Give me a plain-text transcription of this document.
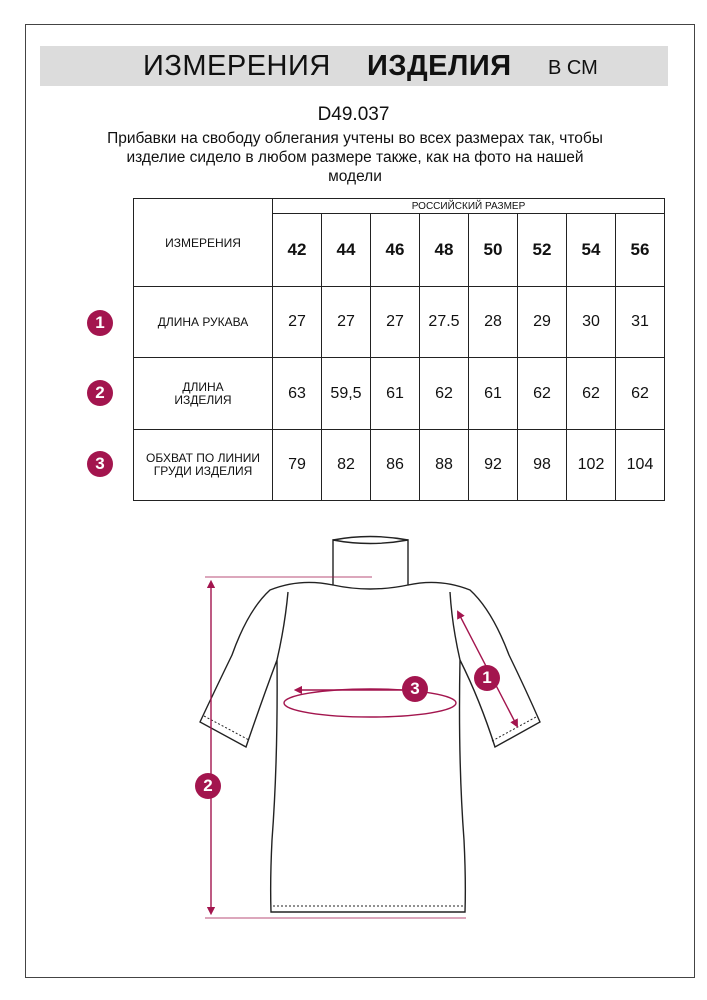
ИЗМЕРЕНИЯ ИЗДЕЛИЯ В СМ
D49.037
Прибавки на свободу облегания учтены во всех размерах так, чтобы изделие сидело в любом размере также, как на фото на нашей модели
ИЗМЕРЕНИЯ	РОССИЙСКИЙ РАЗМЕР							
	42	44	46	48	50	52	54	56
ДЛИНА РУКАВА	27	27	27	27.5	28	29	30	31
ДЛИНА ИЗДЕЛИЯ	63	59,5	61	62	61	62	62	62
ОБХВАТ ПО ЛИНИИ ГРУДИ ИЗДЕЛИЯ	79	82	86	88	92	98	102	104
1
2
3
3
1
2
